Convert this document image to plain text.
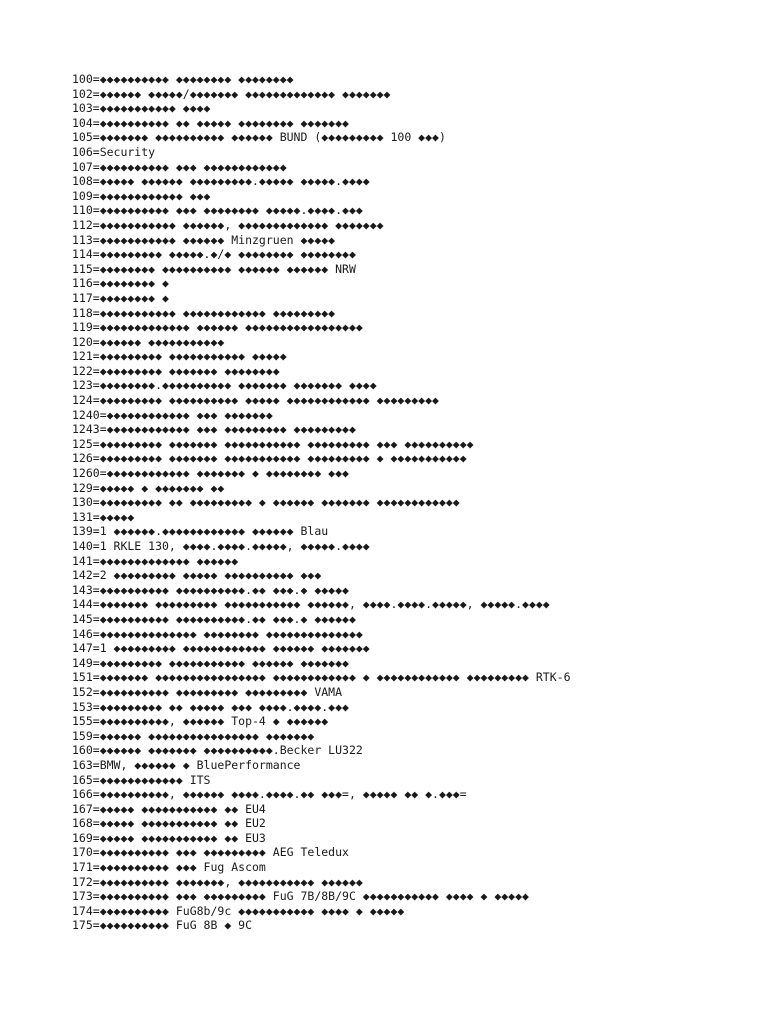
100=◆◆◆◆◆◆◆◆◆◆ ◆◆◆◆◆◆◆◆ ◆◆◆◆◆◆◆◆
102=◆◆◆◆◆◆ ◆◆◆◆◆/◆◆◆◆◆◆◆ ◆◆◆◆◆◆◆◆◆◆◆◆◆ ◆◆◆◆◆◆◆
103=◆◆◆◆◆◆◆◆◆◆◆ ◆◆◆◆
104=◆◆◆◆◆◆◆◆◆◆ ◆◆ ◆◆◆◆◆ ◆◆◆◆◆◆◆◆ ◆◆◆◆◆◆◆
105=◆◆◆◆◆◆◆ ◆◆◆◆◆◆◆◆◆◆ ◆◆◆◆◆◆ BUND (◆◆◆◆◆◆◆◆◆ 100 ◆◆◆)
106=Security
107=◆◆◆◆◆◆◆◆◆◆ ◆◆◆ ◆◆◆◆◆◆◆◆◆◆◆◆
108=◆◆◆◆◆ ◆◆◆◆◆◆ ◆◆◆◆◆◆◆◆◆.◆◆◆◆◆ ◆◆◆◆◆.◆◆◆◆
109=◆◆◆◆◆◆◆◆◆◆◆◆ ◆◆◆
110=◆◆◆◆◆◆◆◆◆◆ ◆◆◆ ◆◆◆◆◆◆◆◆ ◆◆◆◆◆.◆◆◆◆.◆◆◆
112=◆◆◆◆◆◆◆◆◆◆◆ ◆◆◆◆◆◆, ◆◆◆◆◆◆◆◆◆◆◆◆◆ ◆◆◆◆◆◆◆
113=◆◆◆◆◆◆◆◆◆◆◆ ◆◆◆◆◆◆ Minzgruen ◆◆◆◆◆
114=◆◆◆◆◆◆◆◆◆ ◆◆◆◆◆.◆/◆ ◆◆◆◆◆◆◆◆ ◆◆◆◆◆◆◆◆
115=◆◆◆◆◆◆◆◆ ◆◆◆◆◆◆◆◆◆◆ ◆◆◆◆◆◆ ◆◆◆◆◆◆ NRW
116=◆◆◆◆◆◆◆◆ ◆
117=◆◆◆◆◆◆◆◆ ◆
118=◆◆◆◆◆◆◆◆◆◆◆ ◆◆◆◆◆◆◆◆◆◆◆◆ ◆◆◆◆◆◆◆◆◆
119=◆◆◆◆◆◆◆◆◆◆◆◆◆ ◆◆◆◆◆◆ ◆◆◆◆◆◆◆◆◆◆◆◆◆◆◆◆◆
120=◆◆◆◆◆◆ ◆◆◆◆◆◆◆◆◆◆◆
121=◆◆◆◆◆◆◆◆◆ ◆◆◆◆◆◆◆◆◆◆◆ ◆◆◆◆◆
122=◆◆◆◆◆◆◆◆◆ ◆◆◆◆◆◆◆ ◆◆◆◆◆◆◆◆
123=◆◆◆◆◆◆◆◆.◆◆◆◆◆◆◆◆◆◆ ◆◆◆◆◆◆◆ ◆◆◆◆◆◆◆ ◆◆◆◆
124=◆◆◆◆◆◆◆◆◆ ◆◆◆◆◆◆◆◆◆◆ ◆◆◆◆◆ ◆◆◆◆◆◆◆◆◆◆◆◆ ◆◆◆◆◆◆◆◆◆
1240=◆◆◆◆◆◆◆◆◆◆◆◆ ◆◆◆ ◆◆◆◆◆◆◆
1243=◆◆◆◆◆◆◆◆◆◆◆◆ ◆◆◆ ◆◆◆◆◆◆◆◆◆ ◆◆◆◆◆◆◆◆◆
125=◆◆◆◆◆◆◆◆◆ ◆◆◆◆◆◆◆ ◆◆◆◆◆◆◆◆◆◆◆ ◆◆◆◆◆◆◆◆◆ ◆◆◆ ◆◆◆◆◆◆◆◆◆◆
126=◆◆◆◆◆◆◆◆◆ ◆◆◆◆◆◆◆ ◆◆◆◆◆◆◆◆◆◆◆ ◆◆◆◆◆◆◆◆◆ ◆ ◆◆◆◆◆◆◆◆◆◆◆
1260=◆◆◆◆◆◆◆◆◆◆◆◆ ◆◆◆◆◆◆◆ ◆ ◆◆◆◆◆◆◆◆ ◆◆◆
129=◆◆◆◆◆ ◆ ◆◆◆◆◆◆◆ ◆◆
130=◆◆◆◆◆◆◆◆◆ ◆◆ ◆◆◆◆◆◆◆◆◆ ◆ ◆◆◆◆◆◆ ◆◆◆◆◆◆◆ ◆◆◆◆◆◆◆◆◆◆◆◆
131=◆◆◆◆◆
139=1 ◆◆◆◆◆◆.◆◆◆◆◆◆◆◆◆◆◆◆ ◆◆◆◆◆◆ Blau
140=1 RKLE 130, ◆◆◆◆.◆◆◆◆.◆◆◆◆◆, ◆◆◆◆◆.◆◆◆◆
141=◆◆◆◆◆◆◆◆◆◆◆◆◆ ◆◆◆◆◆◆
142=2 ◆◆◆◆◆◆◆◆◆ ◆◆◆◆◆ ◆◆◆◆◆◆◆◆◆◆ ◆◆◆
143=◆◆◆◆◆◆◆◆◆◆ ◆◆◆◆◆◆◆◆◆◆.◆◆ ◆◆◆.◆ ◆◆◆◆◆
144=◆◆◆◆◆◆◆ ◆◆◆◆◆◆◆◆◆ ◆◆◆◆◆◆◆◆◆◆◆ ◆◆◆◆◆◆, ◆◆◆◆.◆◆◆◆.◆◆◆◆◆, ◆◆◆◆◆.◆◆◆◆
145=◆◆◆◆◆◆◆◆◆◆ ◆◆◆◆◆◆◆◆◆◆.◆◆ ◆◆◆.◆ ◆◆◆◆◆◆
146=◆◆◆◆◆◆◆◆◆◆◆◆◆◆ ◆◆◆◆◆◆◆◆ ◆◆◆◆◆◆◆◆◆◆◆◆◆◆
147=1 ◆◆◆◆◆◆◆◆◆ ◆◆◆◆◆◆◆◆◆◆◆◆ ◆◆◆◆◆◆ ◆◆◆◆◆◆◆
149=◆◆◆◆◆◆◆◆◆ ◆◆◆◆◆◆◆◆◆◆◆ ◆◆◆◆◆◆ ◆◆◆◆◆◆◆
151=◆◆◆◆◆◆◆ ◆◆◆◆◆◆◆◆◆◆◆◆◆◆◆◆ ◆◆◆◆◆◆◆◆◆◆◆◆ ◆ ◆◆◆◆◆◆◆◆◆◆◆◆ ◆◆◆◆◆◆◆◆◆ RTK-6
152=◆◆◆◆◆◆◆◆◆◆ ◆◆◆◆◆◆◆◆◆ ◆◆◆◆◆◆◆◆◆ VAMA
153=◆◆◆◆◆◆◆◆◆ ◆◆ ◆◆◆◆◆ ◆◆◆ ◆◆◆◆.◆◆◆◆.◆◆◆
155=◆◆◆◆◆◆◆◆◆◆, ◆◆◆◆◆◆ Top-4 ◆ ◆◆◆◆◆◆
159=◆◆◆◆◆◆ ◆◆◆◆◆◆◆◆◆◆◆◆◆◆◆◆ ◆◆◆◆◆◆◆
160=◆◆◆◆◆◆ ◆◆◆◆◆◆◆ ◆◆◆◆◆◆◆◆◆◆.Becker LU322
163=BMW, ◆◆◆◆◆◆ ◆ BluePerformance
165=◆◆◆◆◆◆◆◆◆◆◆◆ ITS
166=◆◆◆◆◆◆◆◆◆◆, ◆◆◆◆◆◆ ◆◆◆◆.◆◆◆◆.◆◆ ◆◆◆=, ◆◆◆◆◆ ◆◆ ◆.◆◆◆=
167=◆◆◆◆◆ ◆◆◆◆◆◆◆◆◆◆◆ ◆◆ EU4
168=◆◆◆◆◆ ◆◆◆◆◆◆◆◆◆◆◆ ◆◆ EU2
169=◆◆◆◆◆ ◆◆◆◆◆◆◆◆◆◆◆ ◆◆ EU3
170=◆◆◆◆◆◆◆◆◆◆ ◆◆◆ ◆◆◆◆◆◆◆◆◆ AEG Teledux
171=◆◆◆◆◆◆◆◆◆◆ ◆◆◆ Fug Ascom
172=◆◆◆◆◆◆◆◆◆◆ ◆◆◆◆◆◆◆, ◆◆◆◆◆◆◆◆◆◆◆ ◆◆◆◆◆◆
173=◆◆◆◆◆◆◆◆◆◆ ◆◆◆ ◆◆◆◆◆◆◆◆◆ FuG 7B/8B/9C ◆◆◆◆◆◆◆◆◆◆◆ ◆◆◆◆ ◆ ◆◆◆◆◆
174=◆◆◆◆◆◆◆◆◆◆ FuG8b/9c ◆◆◆◆◆◆◆◆◆◆◆ ◆◆◆◆ ◆ ◆◆◆◆◆
175=◆◆◆◆◆◆◆◆◆◆ FuG 8B ◆ 9C
